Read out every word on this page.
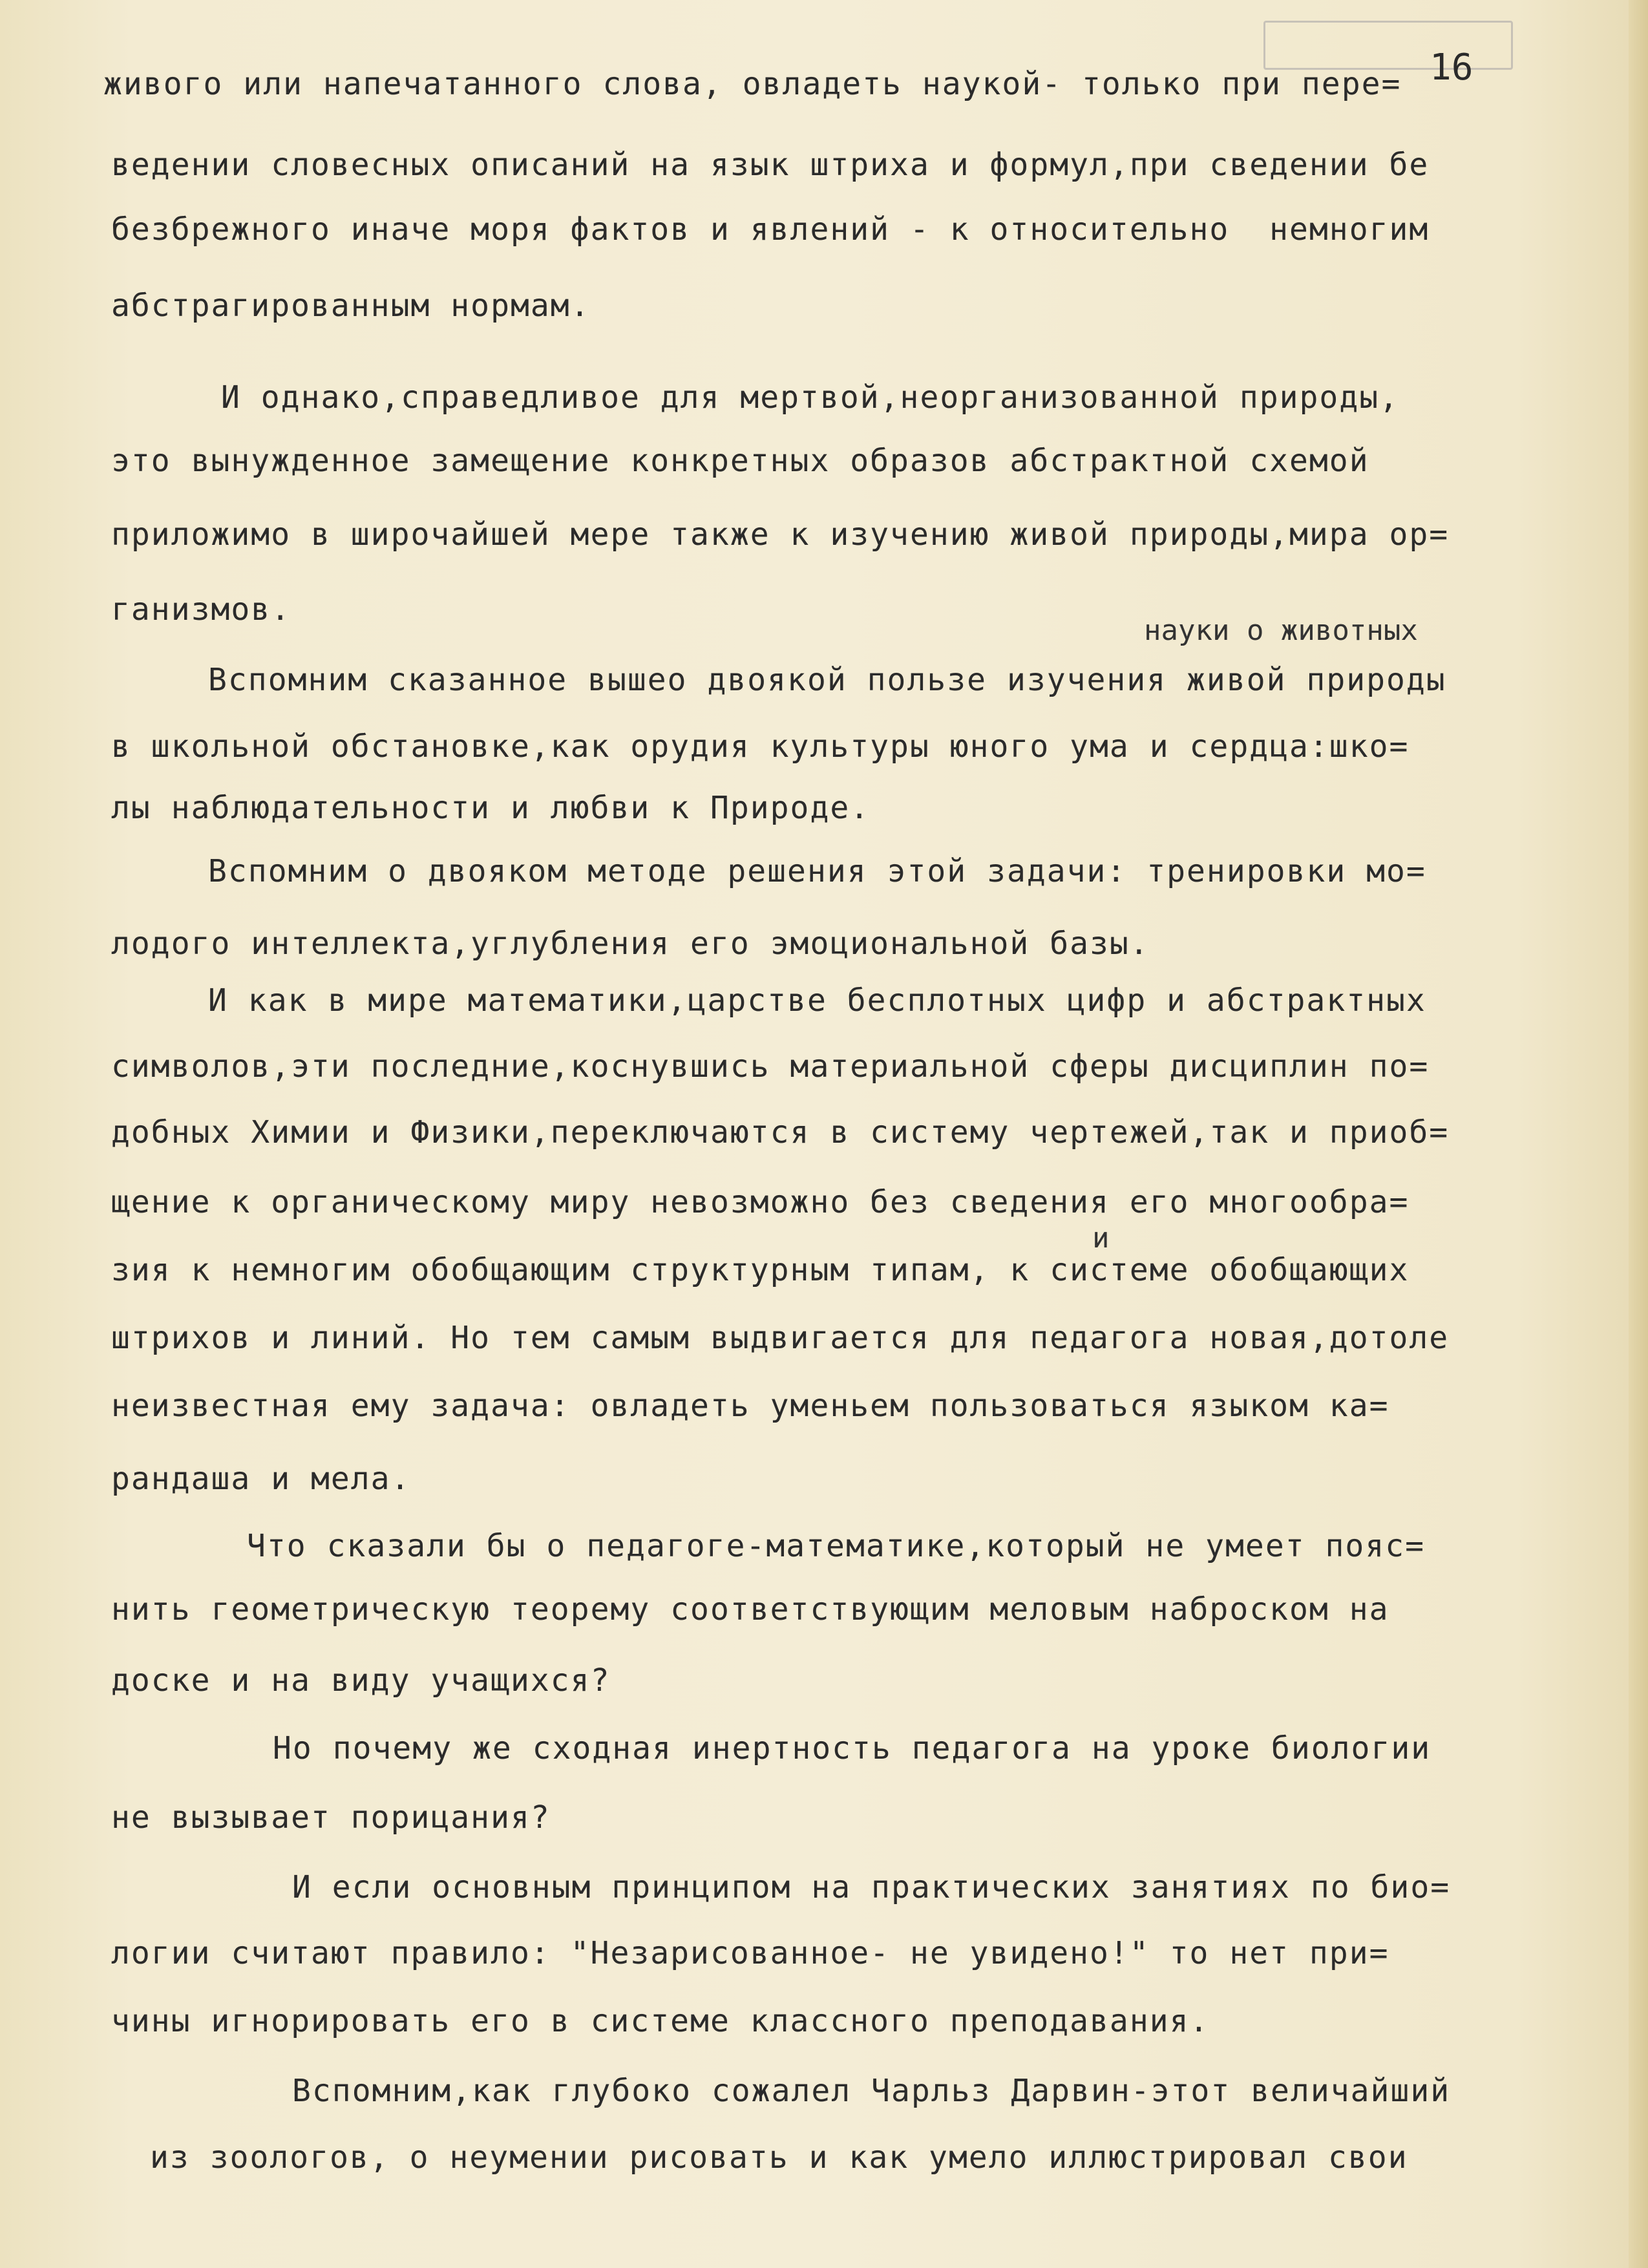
16
живого или напечатанного слова, овладеть наукой- только при пере=
ведении словесных описаний на язык штриха и формул,при сведении бе
безбрежного иначе моря фактов и явлений - к относительно  немногим
абстрагированным нормам.
И однако,справедливое для мертвой,неорганизованной природы,
это вынужденное замещение конкретных образов абстрактной схемой
приложимо в широчайшей мере также к изучению живой природы,мира ор=
ганизмов.
науки о животных
Вспомним сказанное вышео двоякой пользе изучения живой природы
в школьной обстановке,как орудия культуры юного ума и сердца:шко=
лы наблюдательности и любви к Природе.
Вспомним о двояком методе решения этой задачи: тренировки мо=
лодого интеллекта,углубления его эмоциональной базы.
И как в мире математики,царстве бесплотных цифр и абстрактных
символов,эти последние,коснувшись материальной сферы дисциплин по=
добных Химии и Физики,переключаются в систему чертежей,так и приоб=
щение к органическому миру невозможно без сведения его многообра=
и
зия к немногим обобщающим структурным типам, к системе обобщающих
штрихов и линий. Но тем самым выдвигается для педагога новая,дотоле
неизвестная ему задача: овладеть уменьем пользоваться языком ка=
рандаша и мела.
Что сказали бы о педагоге-математике,который не умеет пояс=
нить геометрическую теорему соответствующим меловым наброском на
доске и на виду учащихся?
Но почему же сходная инертность педагога на уроке биологии
не вызывает порицания?
И если основным принципом на практических занятиях по био=
логии считают правило: "Незарисованное- не увидено!" то нет при=
чины игнорировать его в системе классного преподавания.
Вспомним,как глубоко сожалел Чарльз Дарвин-этот величайший
из зоологов, о неумении рисовать и как умело иллюстрировал свои
